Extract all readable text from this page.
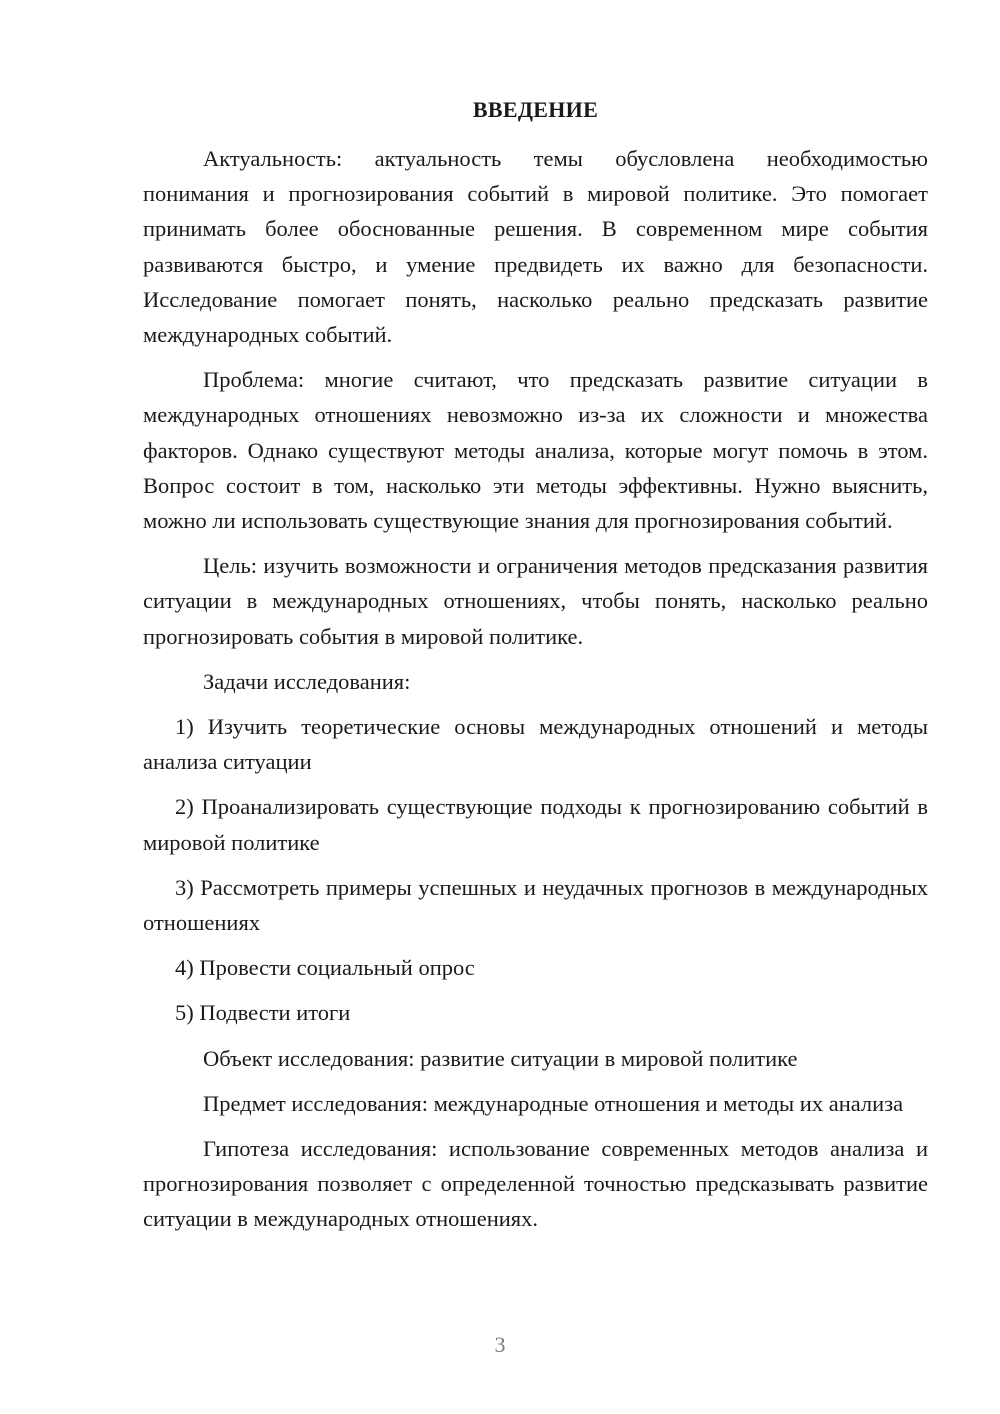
ВВЕДЕНИЕ

Актуальность: актуальность темы обусловлена необходимостью понимания и прогнозирования событий в мировой политике. Это помогает принимать более обоснованные решения. В современном мире события развиваются быстро, и умение предвидеть их важно для безопасности. Исследование помогает понять, насколько реально предсказать развитие международных событий.

Проблема: многие считают, что предсказать развитие ситуации в международных отношениях невозможно из-за их сложности и множества факторов. Однако существуют методы анализа, которые могут помочь в этом. Вопрос состоит в том, насколько эти методы эффективны. Нужно выяснить, можно ли использовать существующие знания для прогнозирования событий.

Цель: изучить возможности и ограничения методов предсказания развития ситуации в международных отношениях, чтобы понять, насколько реально прогнозировать события в мировой политике.

Задачи исследования:

1) Изучить теоретические основы международных отношений и методы анализа ситуации

2) Проанализировать существующие подходы к прогнозированию событий в мировой политике

3) Рассмотреть примеры успешных и неудачных прогнозов в международных отношениях

4) Провести социальный опрос

5) Подвести итоги

Объект исследования: развитие ситуации в мировой политике

Предмет исследования: международные отношения и методы их анализа

Гипотеза исследования: использование современных методов анализа и прогнозирования позволяет с определенной точностью предсказывать развитие ситуации в международных отношениях.

3
